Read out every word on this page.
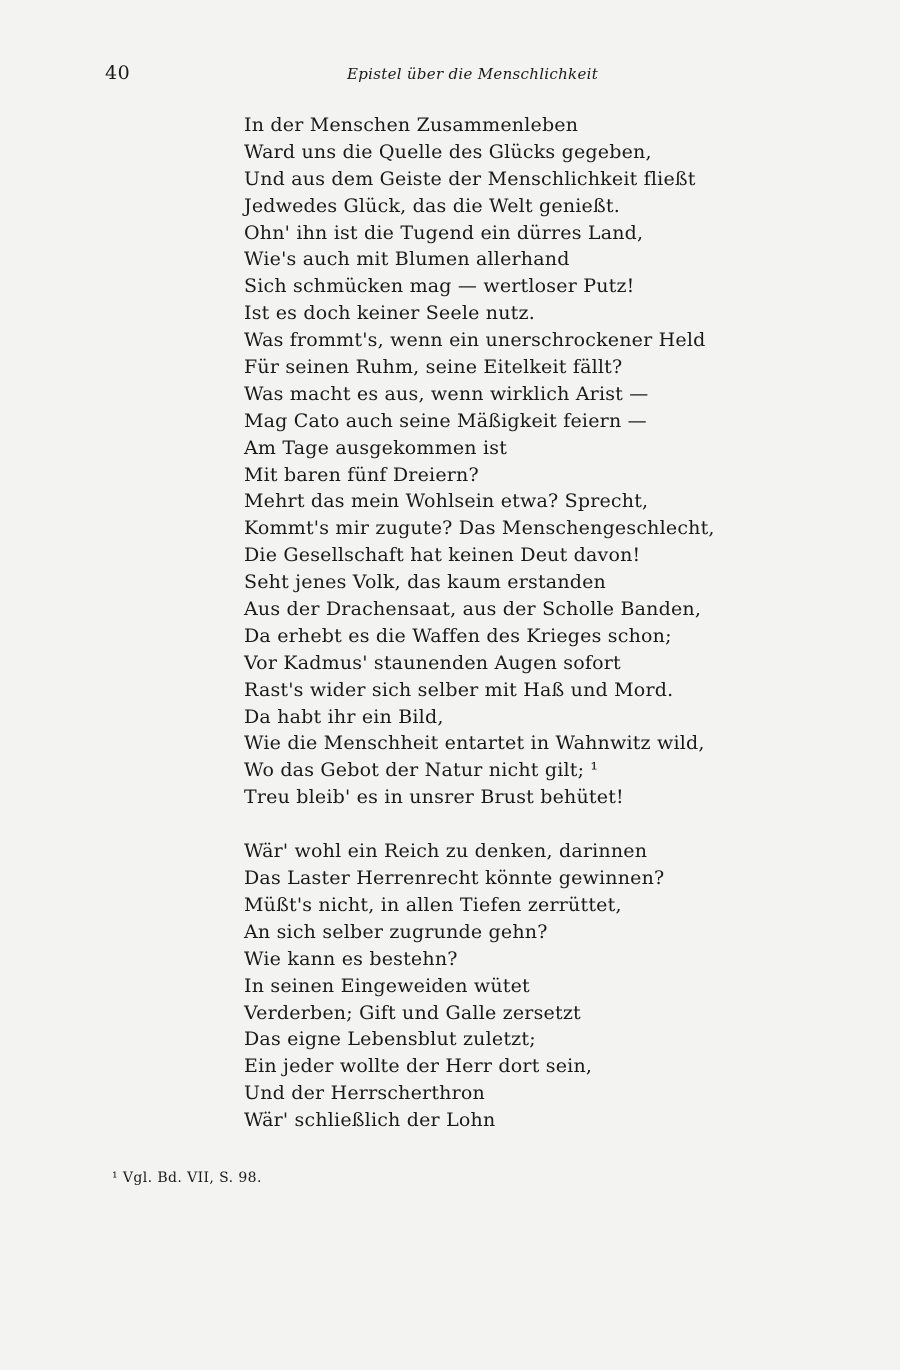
40	Epistel über die Menschlichkeit
In der Menschen Zusammenleben
Ward uns die Quelle des Glücks gegeben,
Und aus dem Geiste der Menschlichkeit fließt
Jedwedes Glück, das die Welt genießt.
Ohn' ihn ist die Tugend ein dürres Land,
Wie's auch mit Blumen allerhand
Sich schmücken mag — wertloser Putz!
Ist es doch keiner Seele nutz.
Was frommt's, wenn ein unerschrockener Held
Für seinen Ruhm, seine Eitelkeit fällt?
Was macht es aus, wenn wirklich Arist —
Mag Cato auch seine Mäßigkeit feiern —
Am Tage ausgekommen ist
Mit baren fünf Dreiern?
Mehrt das mein Wohlsein etwa? Sprecht,
Kommt's mir zugute? Das Menschengeschlecht,
Die Gesellschaft hat keinen Deut davon!
Seht jenes Volk, das kaum erstanden
Aus der Drachensaat, aus der Scholle Banden,
Da erhebt es die Waffen des Krieges schon;
Vor Kadmus' staunenden Augen sofort
Rast's wider sich selber mit Haß und Mord.
Da habt ihr ein Bild,
Wie die Menschheit entartet in Wahnwitz wild,
Wo das Gebot der Natur nicht gilt; ¹
Treu bleib' es in unsrer Brust behütet!
Wär' wohl ein Reich zu denken, darinnen
Das Laster Herrenrecht könnte gewinnen?
Müßt's nicht, in allen Tiefen zerrüttet,
An sich selber zugrunde gehn?
Wie kann es bestehn?
In seinen Eingeweiden wütet
Verderben; Gift und Galle zersetzt
Das eigne Lebensblut zuletzt;
Ein jeder wollte der Herr dort sein,
Und der Herrscherthron
Wär' schließlich der Lohn
¹ Vgl. Bd. VII, S. 98.
